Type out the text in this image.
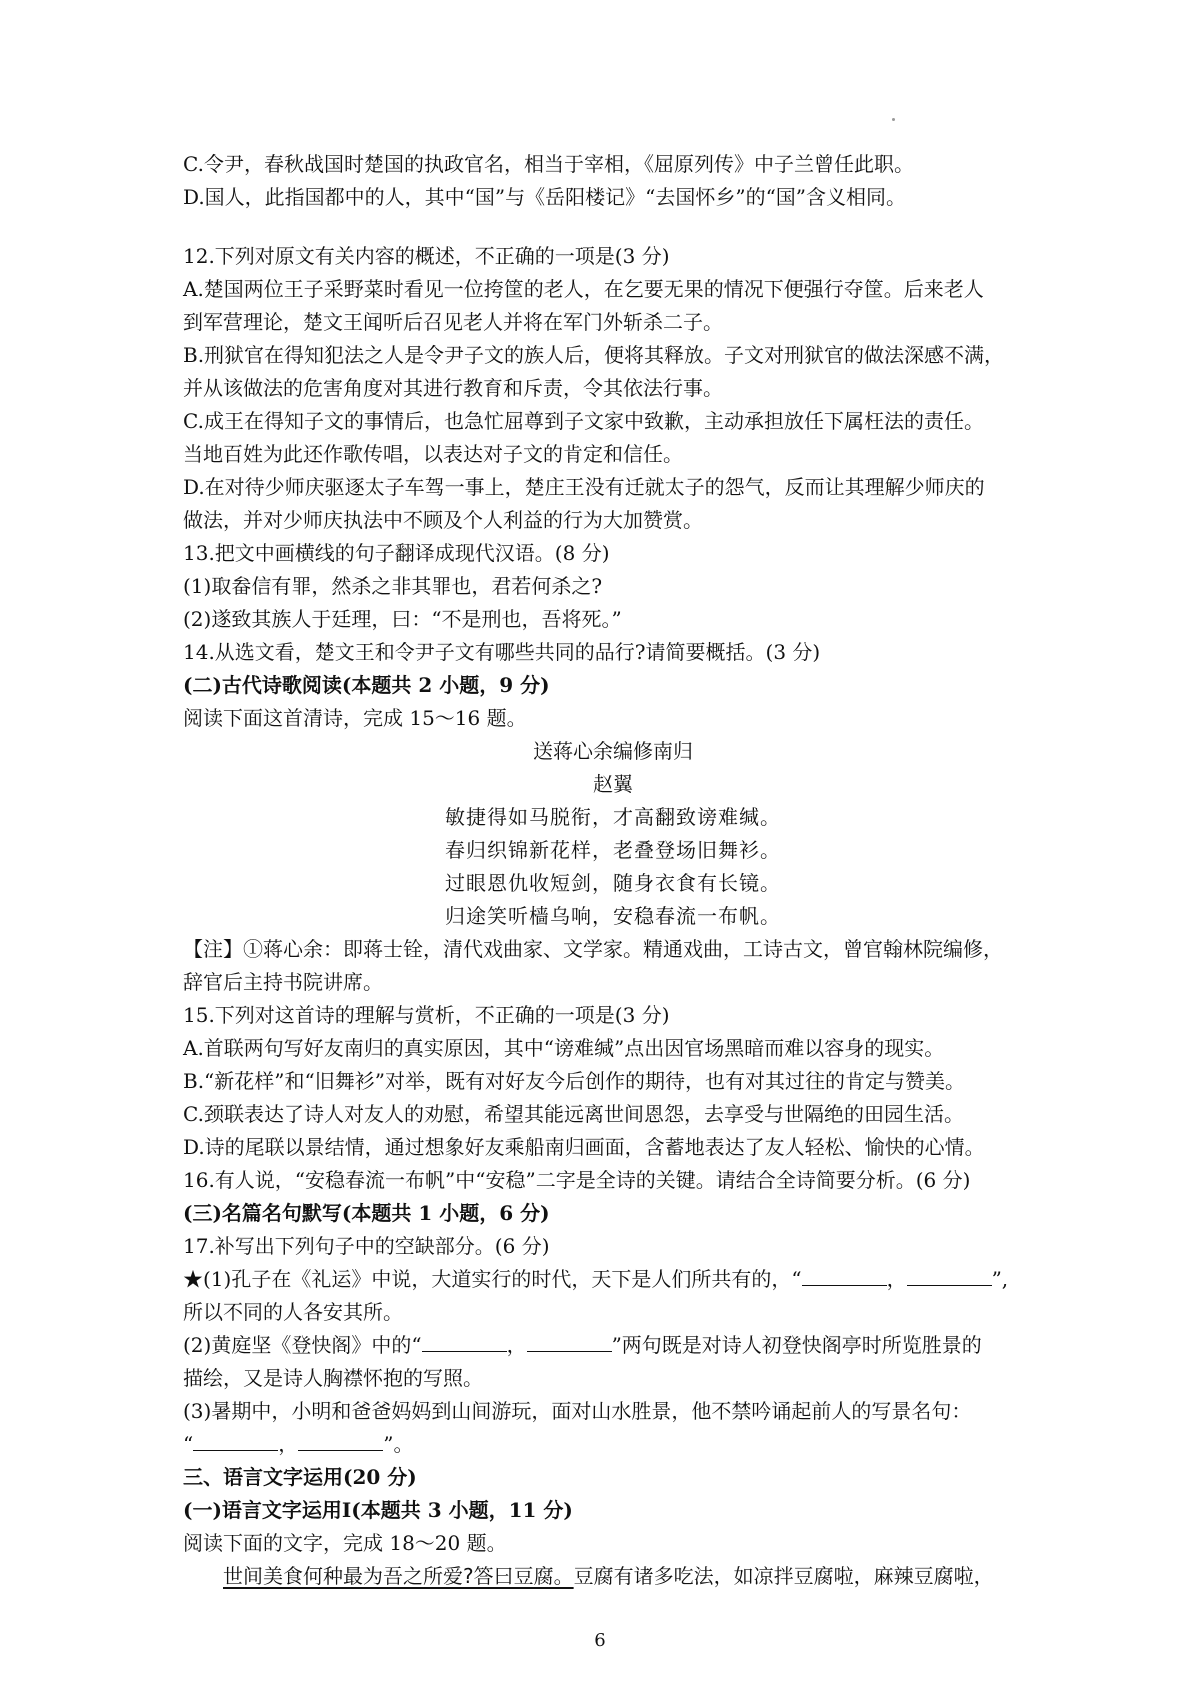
C.令尹，春秋战国时楚国的执政官名，相当于宰相，《屈原列传》中子兰曾任此职。
D.国人，此指国都中的人，其中“国”与《岳阳楼记》“去国怀乡”的“国”含义相同。
12.下列对原文有关内容的概述，不正确的一项是(3 分)
A.楚国两位王子采野菜时看见一位挎筐的老人，在乞要无果的情况下便强行夺筐。后来老人
到军营理论，楚文王闻听后召见老人并将在军门外斩杀二子。
B.刑狱官在得知犯法之人是令尹子文的族人后，便将其释放。子文对刑狱官的做法深感不满，
并从该做法的危害角度对其进行教育和斥责，令其依法行事。
C.成王在得知子文的事情后，也急忙屈尊到子文家中致歉，主动承担放任下属枉法的责任。
当地百姓为此还作歌传唱，以表达对子文的肯定和信任。
D.在对待少师庆驱逐太子车驾一事上，楚庄王没有迁就太子的怨气，反而让其理解少师庆的
做法，并对少师庆执法中不顾及个人利益的行为大加赞赏。
13.把文中画横线的句子翻译成现代汉语。(8 分)
(1)取畚信有罪，然杀之非其罪也，君若何杀之?
(2)遂致其族人于廷理，曰：“不是刑也，吾将死。”
14.从选文看，楚文王和令尹子文有哪些共同的品行?请简要概括。(3 分)
(二)古代诗歌阅读(本题共 2 小题，9 分)
阅读下面这首清诗，完成 15～16 题。
送蒋心余编修南归
赵翼
敏捷得如马脱衔，才高翻致谤难缄。
春归织锦新花样，老叠登场旧舞衫。
过眼恩仇收短剑，随身衣食有长镜。
归途笑听樯乌响，安稳春流一布帆。
【注】①蒋心余：即蒋士铨，清代戏曲家、文学家。精通戏曲，工诗古文，曾官翰林院编修，
辞官后主持书院讲席。
15.下列对这首诗的理解与赏析，不正确的一项是(3 分)
A.首联两句写好友南归的真实原因，其中“谤难缄”点出因官场黑暗而难以容身的现实。
B.“新花样”和“旧舞衫”对举，既有对好友今后创作的期待，也有对其过往的肯定与赞美。
C.颈联表达了诗人对友人的劝慰，希望其能远离世间恩怨，去享受与世隔绝的田园生活。
D.诗的尾联以景结情，通过想象好友乘船南归画面，含蓄地表达了友人轻松、愉快的心情。
16.有人说，“安稳春流一布帆”中“安稳”二字是全诗的关键。请结合全诗简要分析。(6 分)
(三)名篇名句默写(本题共 1 小题，6 分)
17.补写出下列句子中的空缺部分。(6 分)
★(1)孔子在《礼运》中说，大道实行的时代，天下是人们所共有的，“	，	”,
所以不同的人各安其所。
(2)黄庭坚《登快阁》中的“	，	”两句既是对诗人初登快阁亭时所览胜景的
描绘，又是诗人胸襟怀抱的写照。
(3)暑期中，小明和爸爸妈妈到山间游玩，面对山水胜景，他不禁吟诵起前人的写景名句：
“	，	”。
三、语言文字运用(20 分)
(一)语言文字运用Ⅰ(本题共 3 小题，11 分)
阅读下面的文字，完成 18～20 题。
世间美食何种最为吾之所爱?答曰豆腐。豆腐有诸多吃法，如凉拌豆腐啦，麻辣豆腐啦，
6
